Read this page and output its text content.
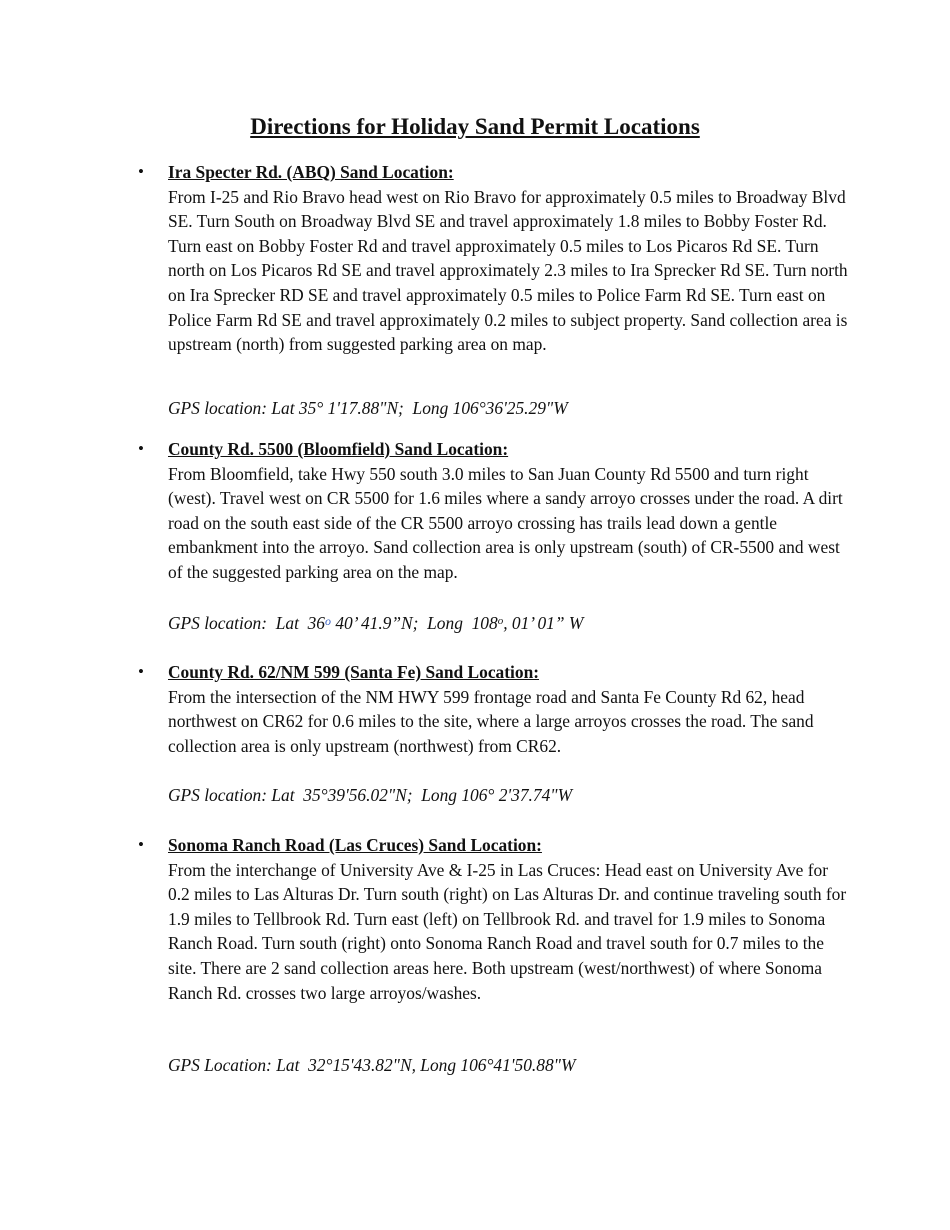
Directions for Holiday Sand Permit Locations
• Ira Specter Rd. (ABQ) Sand Location:
From I-25 and Rio Bravo head west on Rio Bravo for approximately 0.5 miles to Broadway Blvd SE. Turn South on Broadway Blvd SE and travel approximately 1.8 miles to Bobby Foster Rd. Turn east on Bobby Foster Rd and travel approximately 0.5 miles to Los Picaros Rd SE. Turn north on Los Picaros Rd SE and travel approximately 2.3 miles to Ira Sprecker Rd SE. Turn north on Ira Sprecker RD SE and travel approximately 0.5 miles to Police Farm Rd SE. Turn east on Police Farm Rd SE and travel approximately 0.2 miles to subject property. Sand collection area is upstream (north) from suggested parking area on map.
GPS location: Lat 35° 1'17.88"N;  Long 106°36'25.29"W
• County Rd. 5500 (Bloomfield) Sand Location:
From Bloomfield, take Hwy 550 south 3.0 miles to San Juan County Rd 5500 and turn right (west). Travel west on CR 5500 for 1.6 miles where a sandy arroyo crosses under the road. A dirt road on the south east side of the CR 5500 arroyo crossing has trails lead down a gentle embankment into the arroyo. Sand collection area is only upstream (south) of CR-5500 and west of the suggested parking area on the map.
GPS location:  Lat  36$^o$ 40’ 41.9”N;  Long  108$^o$, 01’ 01” W
• County Rd. 62/NM 599 (Santa Fe) Sand Location:
From the intersection of the NM HWY 599 frontage road and Santa Fe County Rd 62, head northwest on CR62 for 0.6 miles to the site, where a large arroyos crosses the road. The sand collection area is only upstream (northwest) from CR62.
GPS location: Lat  35°39'56.02"N;  Long 106° 2'37.74"W
• Sonoma Ranch Road (Las Cruces) Sand Location:
From the interchange of University Ave & I-25 in Las Cruces: Head east on University Ave for 0.2 miles to Las Alturas Dr. Turn south (right) on Las Alturas Dr. and continue traveling south for 1.9 miles to Tellbrook Rd. Turn east (left) on Tellbrook Rd. and travel for 1.9 miles to Sonoma Ranch Road. Turn south (right) onto Sonoma Ranch Road and travel south for 0.7 miles to the site. There are 2 sand collection areas here. Both upstream (west/northwest) of where Sonoma Ranch Rd. crosses two large arroyos/washes.
GPS Location: Lat  32°15'43.82"N, Long 106°41'50.88"W
